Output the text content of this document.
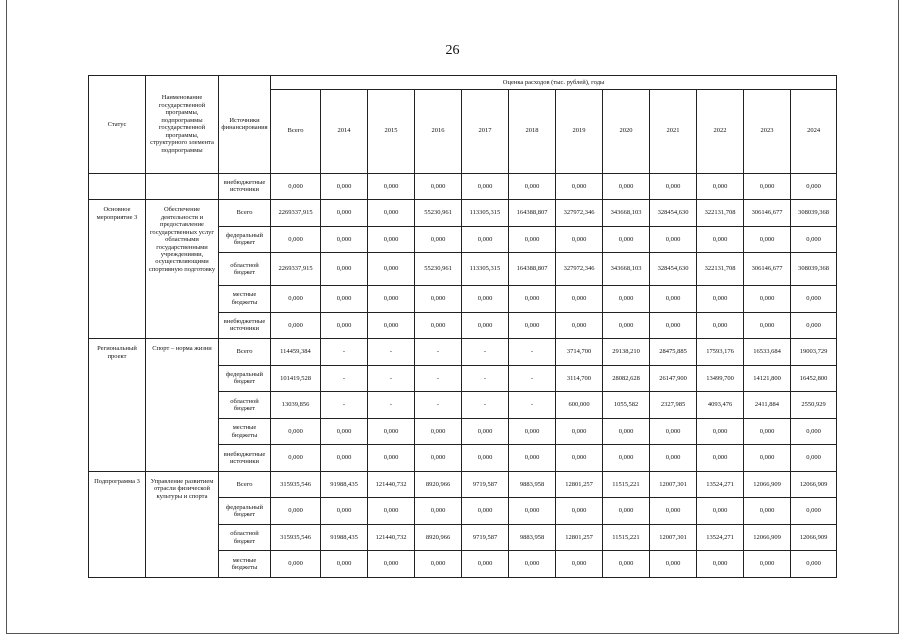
26
Статус	Наименование государственной программы, подпрограммы государственной программы, структурного элемента подпрограммы	Источники финансирования	Оценка расходов (тыс. рублей), годы											
			Всего	2014	2015	2016	2017	2018	2019	2020	2021	2022	2023	2024
		внебюджетные источники	0,000	0,000	0,000	0,000	0,000	0,000	0,000	0,000	0,000	0,000	0,000	0,000
Основное мероприятие 3	Обеспечение деятельности и предоставление государственных услуг областными государственными учреждениями, осуществляющими спортивную подготовку	Всего	2269337,915	0,000	0,000	55230,961	113305,315	164388,807	327972,346	343668,103	328454,630	322131,708	306146,677	308039,368
		федеральный бюджет	0,000	0,000	0,000	0,000	0,000	0,000	0,000	0,000	0,000	0,000	0,000	0,000
		областной бюджет	2269337,915	0,000	0,000	55230,961	113305,315	164388,807	327972,346	343668,103	328454,630	322131,708	306146,677	308039,368
		местные бюджеты	0,000	0,000	0,000	0,000	0,000	0,000	0,000	0,000	0,000	0,000	0,000	0,000
		внебюджетные источники	0,000	0,000	0,000	0,000	0,000	0,000	0,000	0,000	0,000	0,000	0,000	0,000
Региональный проект	Спорт – норма жизни	Всего	114459,384	-	-	-	-	-	3714,700	29138,210	28475,885	17593,176	16533,684	19003,729
		федеральный бюджет	101419,528	-	-	-	-	-	3114,700	28082,628	26147,900	13499,700	14121,800	16452,800
		областной бюджет	13039,856	-	-	-	-	-	600,000	1055,582	2327,985	4093,476	2411,884	2550,929
		местные бюджеты	0,000	0,000	0,000	0,000	0,000	0,000	0,000	0,000	0,000	0,000	0,000	0,000
		внебюджетные источники	0,000	0,000	0,000	0,000	0,000	0,000	0,000	0,000	0,000	0,000	0,000	0,000
Подпрограмма 3	Управление развитием отрасли физической культуры и спорта	Всего	315935,546	91988,435	121440,732	8920,966	9719,587	9883,958	12801,257	11515,221	12007,301	13524,271	12066,909	12066,909
		федеральный бюджет	0,000	0,000	0,000	0,000	0,000	0,000	0,000	0,000	0,000	0,000	0,000	0,000
		областной бюджет	315935,546	91988,435	121440,732	8920,966	9719,587	9883,958	12801,257	11515,221	12007,301	13524,271	12066,909	12066,909
		местные бюджеты	0,000	0,000	0,000	0,000	0,000	0,000	0,000	0,000	0,000	0,000	0,000	0,000
